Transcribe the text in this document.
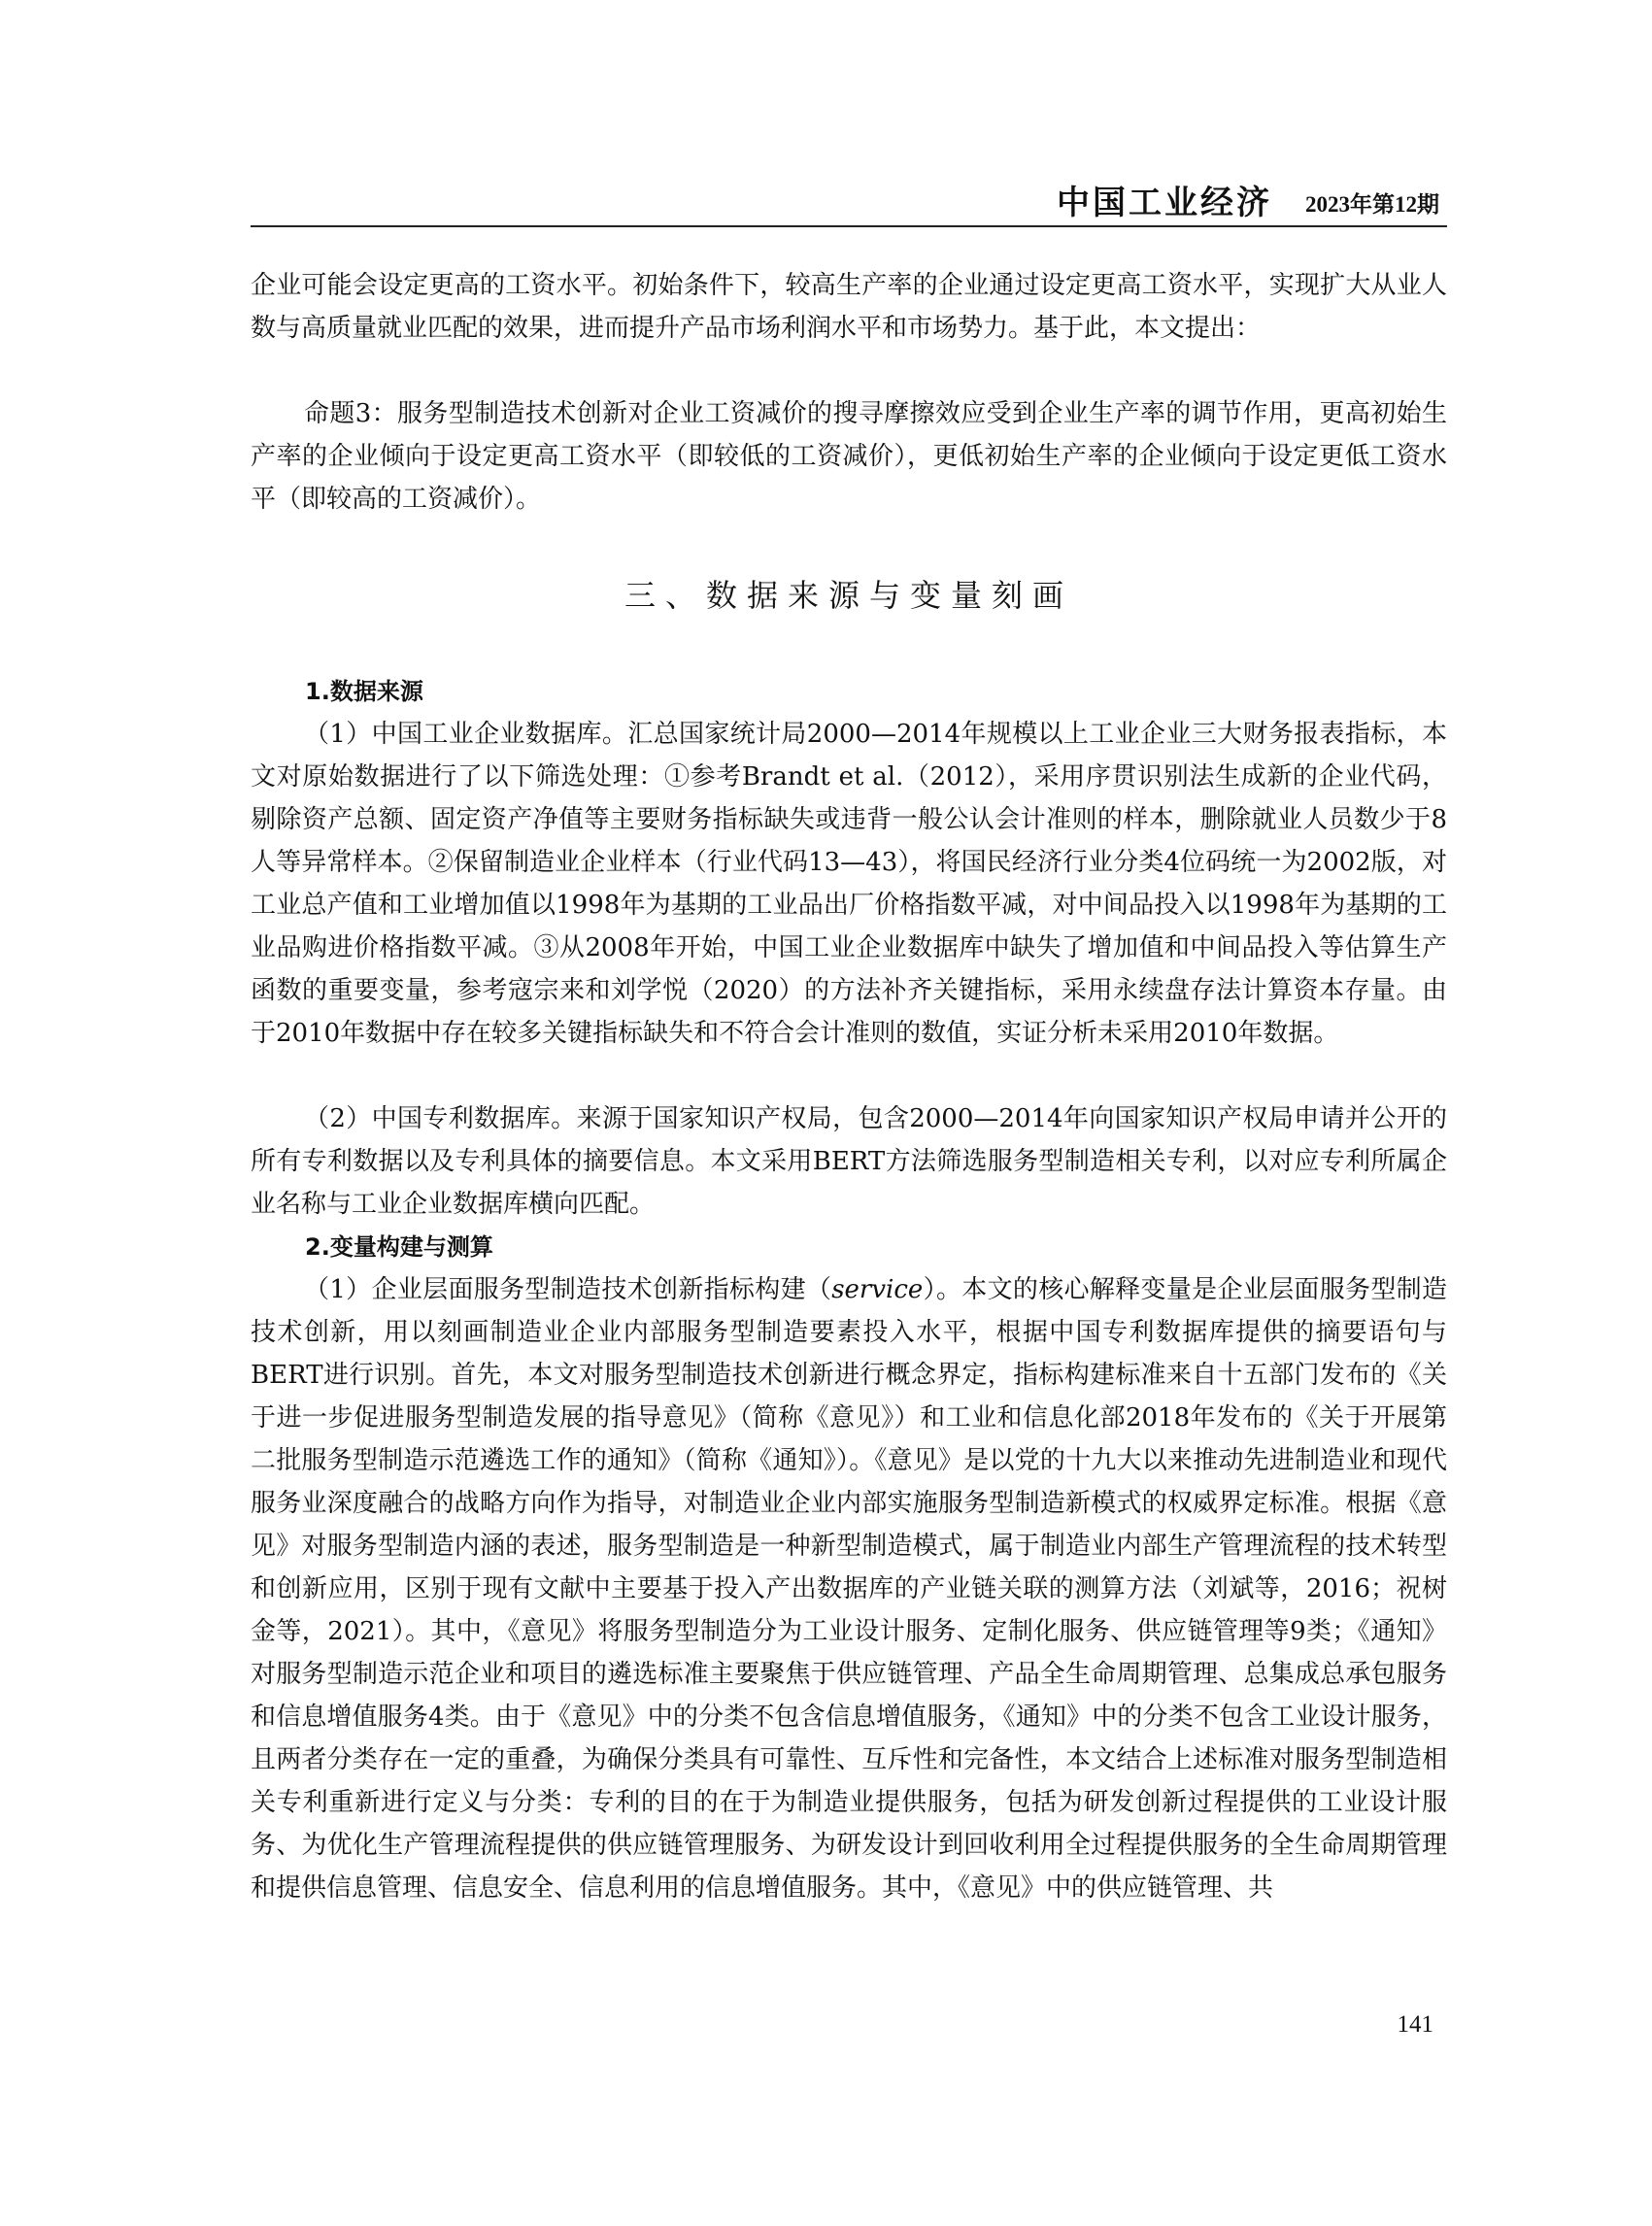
中国工业经济 2023年第12期

企业可能会设定更高的工资水平。初始条件下，较高生产率的企业通过设定更高工资水平，实现扩大从业人数与高质量就业匹配的效果，进而提升产品市场利润水平和市场势力。基于此，本文提出：

命题3：服务型制造技术创新对企业工资减价的搜寻摩擦效应受到企业生产率的调节作用，更高初始生产率的企业倾向于设定更高工资水平（即较低的工资减价），更低初始生产率的企业倾向于设定更低工资水平（即较高的工资减价）。

三、数据来源与变量刻画
1.数据来源

（1）中国工业企业数据库。汇总国家统计局2000—2014年规模以上工业企业三大财务报表指标，本文对原始数据进行了以下筛选处理：①参考Brandt et al.（2012），采用序贯识别法生成新的企业代码，剔除资产总额、固定资产净值等主要财务指标缺失或违背一般公认会计准则的样本，删除就业人员数少于8人等异常样本。②保留制造业企业样本（行业代码13—43），将国民经济行业分类4位码统一为2002版，对工业总产值和工业增加值以1998年为基期的工业品出厂价格指数平减，对中间品投入以1998年为基期的工业品购进价格指数平减。③从2008年开始，中国工业企业数据库中缺失了增加值和中间品投入等估算生产函数的重要变量，参考寇宗来和刘学悦（2020）的方法补齐关键指标，采用永续盘存法计算资本存量。由于2010年数据中存在较多关键指标缺失和不符合会计准则的数值，实证分析未采用2010年数据。

（2）中国专利数据库。来源于国家知识产权局，包含2000—2014年向国家知识产权局申请并公开的所有专利数据以及专利具体的摘要信息。本文采用BERT方法筛选服务型制造相关专利，以对应专利所属企业名称与工业企业数据库横向匹配。

2.变量构建与测算

（1）企业层面服务型制造技术创新指标构建（service）。本文的核心解释变量是企业层面服务型制造技术创新，用以刻画制造业企业内部服务型制造要素投入水平，根据中国专利数据库提供的摘要语句与BERT进行识别。首先，本文对服务型制造技术创新进行概念界定，指标构建标准来自十五部门发布的《关于进一步促进服务型制造发展的指导意见》（简称《意见》）和工业和信息化部2018年发布的《关于开展第二批服务型制造示范遴选工作的通知》（简称《通知》）。《意见》是以党的十九大以来推动先进制造业和现代服务业深度融合的战略方向作为指导，对制造业企业内部实施服务型制造新模式的权威界定标准。根据《意见》对服务型制造内涵的表述，服务型制造是一种新型制造模式，属于制造业内部生产管理流程的技术转型和创新应用，区别于现有文献中主要基于投入产出数据库的产业链关联的测算方法（刘斌等，2016；祝树金等，2021）。其中，《意见》将服务型制造分为工业设计服务、定制化服务、供应链管理等9类；《通知》对服务型制造示范企业和项目的遴选标准主要聚焦于供应链管理、产品全生命周期管理、总集成总承包服务和信息增值服务4类。由于《意见》中的分类不包含信息增值服务，《通知》中的分类不包含工业设计服务，且两者分类存在一定的重叠，为确保分类具有可靠性、互斥性和完备性，本文结合上述标准对服务型制造相关专利重新进行定义与分类：专利的目的在于为制造业提供服务，包括为研发创新过程提供的工业设计服务、为优化生产管理流程提供的供应链管理服务、为研发设计到回收利用全过程提供服务的全生命周期管理和提供信息管理、信息安全、信息利用的信息增值服务。其中，《意见》中的供应链管理、共

141
